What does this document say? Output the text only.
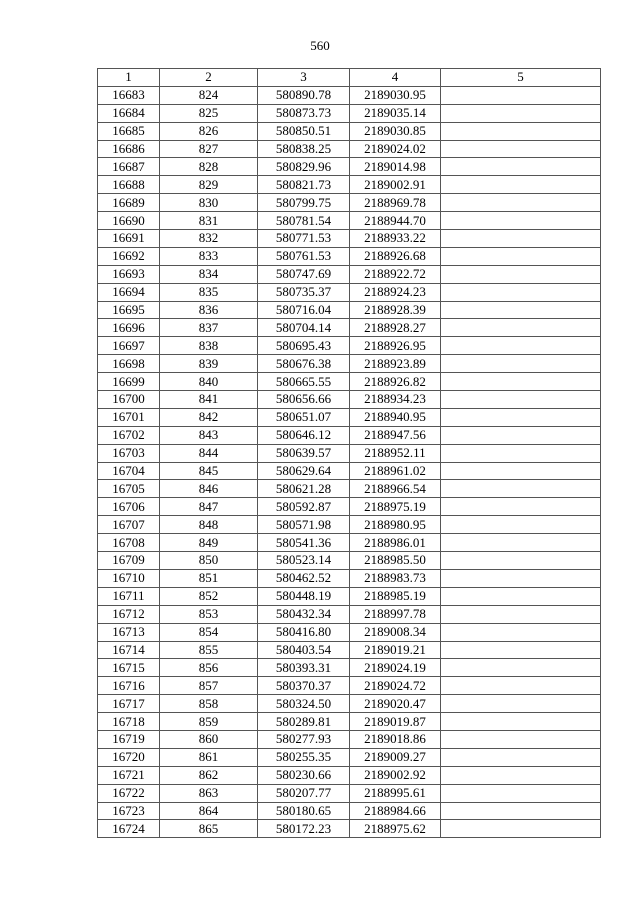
560
1	2	3	4	5
16683	824	580890.78	2189030.95	
16684	825	580873.73	2189035.14	
16685	826	580850.51	2189030.85	
16686	827	580838.25	2189024.02	
16687	828	580829.96	2189014.98	
16688	829	580821.73	2189002.91	
16689	830	580799.75	2188969.78	
16690	831	580781.54	2188944.70	
16691	832	580771.53	2188933.22	
16692	833	580761.53	2188926.68	
16693	834	580747.69	2188922.72	
16694	835	580735.37	2188924.23	
16695	836	580716.04	2188928.39	
16696	837	580704.14	2188928.27	
16697	838	580695.43	2188926.95	
16698	839	580676.38	2188923.89	
16699	840	580665.55	2188926.82	
16700	841	580656.66	2188934.23	
16701	842	580651.07	2188940.95	
16702	843	580646.12	2188947.56	
16703	844	580639.57	2188952.11	
16704	845	580629.64	2188961.02	
16705	846	580621.28	2188966.54	
16706	847	580592.87	2188975.19	
16707	848	580571.98	2188980.95	
16708	849	580541.36	2188986.01	
16709	850	580523.14	2188985.50	
16710	851	580462.52	2188983.73	
16711	852	580448.19	2188985.19	
16712	853	580432.34	2188997.78	
16713	854	580416.80	2189008.34	
16714	855	580403.54	2189019.21	
16715	856	580393.31	2189024.19	
16716	857	580370.37	2189024.72	
16717	858	580324.50	2189020.47	
16718	859	580289.81	2189019.87	
16719	860	580277.93	2189018.86	
16720	861	580255.35	2189009.27	
16721	862	580230.66	2189002.92	
16722	863	580207.77	2188995.61	
16723	864	580180.65	2188984.66	
16724	865	580172.23	2188975.62	
